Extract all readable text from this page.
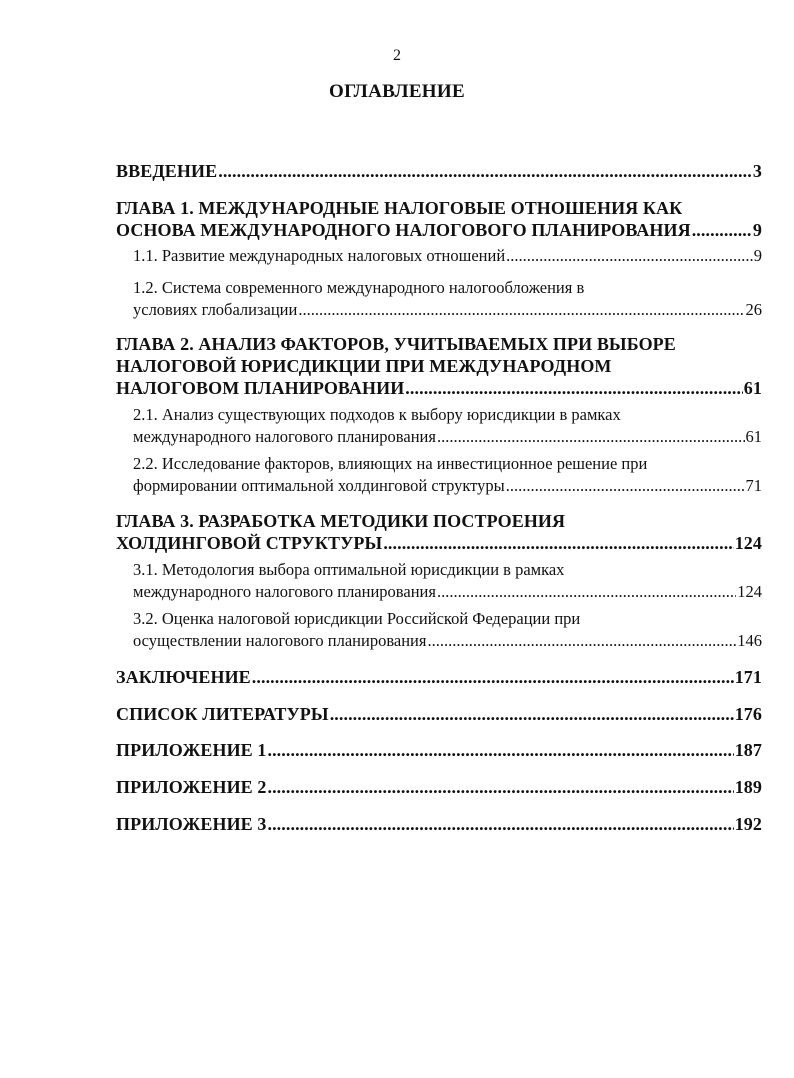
2
ОГЛАВЛЕНИЕ
ВВЕДЕНИЕ .....	3
ГЛАВА 1. МЕЖДУНАРОДНЫЕ НАЛОГОВЫЕ ОТНОШЕНИЯ КАК
ОСНОВА МЕЖДУНАРОДНОГО НАЛОГОВОГО ПЛАНИРОВАНИЯ .....	9
1.1. Развитие международных налоговых отношений .....	9
1.2. Система современного международного налогообложения в
условиях глобализации .....	26
ГЛАВА 2. АНАЛИЗ ФАКТОРОВ, УЧИТЫВАЕМЫХ ПРИ ВЫБОРЕ
НАЛОГОВОЙ ЮРИСДИКЦИИ ПРИ МЕЖДУНАРОДНОМ
НАЛОГОВОМ ПЛАНИРОВАНИИ .....	61
2.1. Анализ существующих подходов к выбору юрисдикции в рамках
международного налогового планирования .....	61
2.2. Исследование факторов, влияющих на инвестиционное решение при
формировании оптимальной холдинговой структуры .....	71
ГЛАВА 3. РАЗРАБОТКА МЕТОДИКИ ПОСТРОЕНИЯ
ХОЛДИНГОВОЙ СТРУКТУРЫ .....	124
3.1. Методология выбора оптимальной юрисдикции в рамках
международного налогового планирования .....	124
3.2. Оценка налоговой юрисдикции Российской Федерации при
осуществлении налогового планирования .....	146
ЗАКЛЮЧЕНИЕ .....	171
СПИСОК ЛИТЕРАТУРЫ .....	176
ПРИЛОЖЕНИЕ 1 .....	187
ПРИЛОЖЕНИЕ 2 .....	189
ПРИЛОЖЕНИЕ 3 .....	192
